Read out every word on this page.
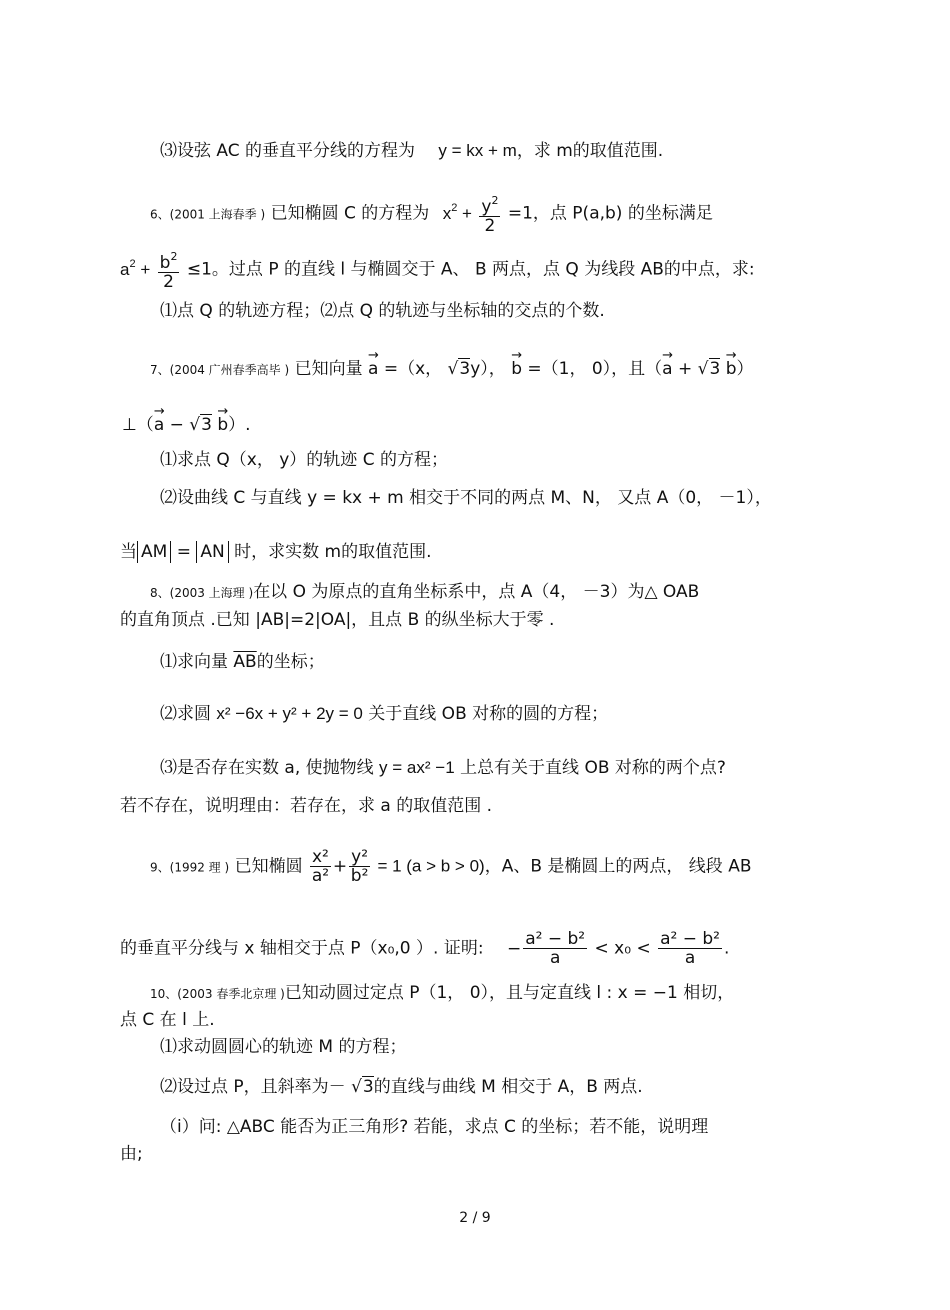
⑶设弦 AC 的垂直平分线的方程为 y = kx + m，求 m的取值范围.
6、(2001 上海春季 ) 已知椭圆 C 的方程为 $x^2 + \frac{y^2}{2} =1$，点 P(a,b) 的坐标满足
$a^2 + \frac{b^2}{2} \le 1$。过点 P 的直线 l 与椭圆交于 A、 B 两点，点 Q 为线段 AB的中点，求:
⑴点 Q 的轨迹方程；⑵点 Q 的轨迹与坐标轴的交点的个数.
7、(2004 广州春季高毕 ) 已知向量 → a =（x， √3y）， → b =（1， 0），且（→ a + √3 → b）
⊥（→ a − √3 → b）.
⑴求点 Q（x， y）的轨迹 C 的方程；
⑵设曲线 C 与直线 y = kx + m 相交于不同的两点 M、N， 又点 A（0， －1），
当 AM = AN 时，求实数 m的取值范围.
8、(2003 上海理 )在以 O 为原点的直角坐标系中，点 A（4， －3）为△ OAB
的直角顶点 .已知 |AB|=2|OA|，且点 B 的纵坐标大于零 .
⑴求向量 $\overline{AB}$的坐标；
⑵求圆 x² −6x + y² + 2y = 0 关于直线 OB 对称的圆的方程；
⑶是否存在实数 a, 使抛物线 y = ax² −1 上总有关于直线 OB 对称的两个点?
若不存在，说明理由：若存在，求 a 的取值范围 .
9、(1992 理 ) 已知椭圆 $\frac{\text{x²}}{\text{a²}} + \frac{\text{y²}}{\text{b²}} = 1$ (a > b > 0)，A、B 是椭圆上的两点， 线段 AB
的垂直平分线与 x 轴相交于点 P（x₀,0 ）. 证明: − $\frac{\text{a² − b²}}{a} < x_0 < \frac{\text{a² − b²}}{a}$ .
10、(2003 春季北京理 )已知动圆过定点 P（1， 0），且与定直线 l : x = −1 相切，
点 C 在 l 上.
⑴求动圆圆心的轨迹 M 的方程；
⑵设过点 P，且斜率为－ √3的直线与曲线 M 相交于 A，B 两点.
（i）问: △ABC 能否为正三角形? 若能，求点 C 的坐标；若不能，说明理
由;
2 / 9
